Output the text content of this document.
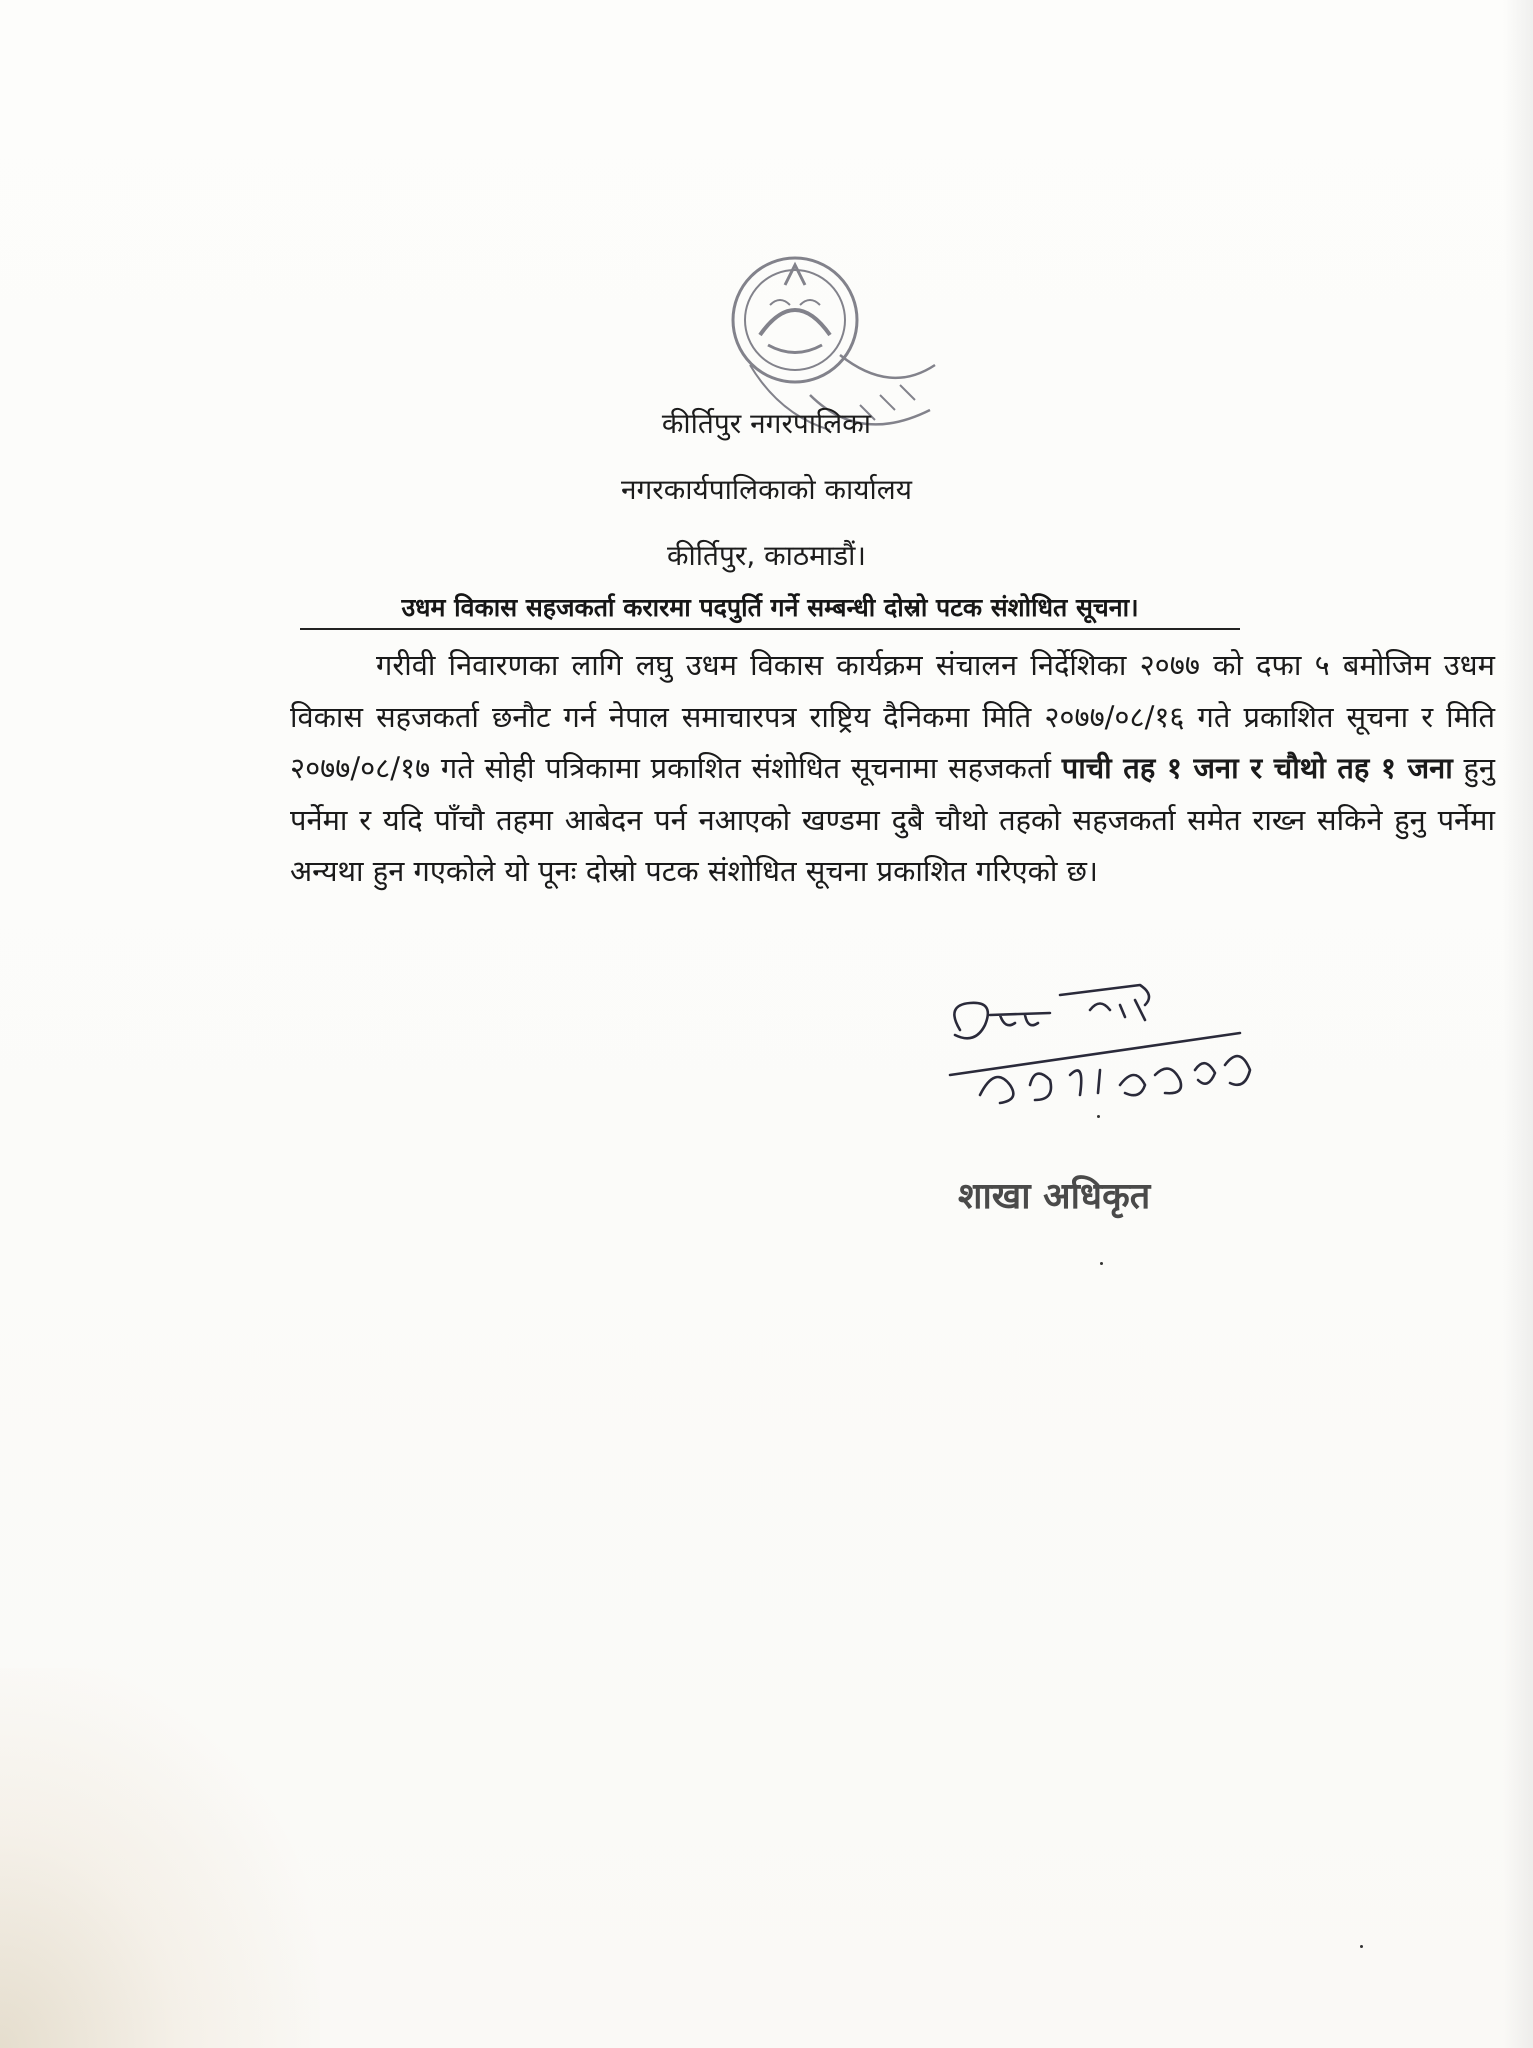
कीर्तिपुर नगरपालिका
नगरकार्यपालिकाको कार्यालय
कीर्तिपुर, काठमाडौं।
उधम विकास सहजकर्ता करारमा पदपुर्ति गर्ने सम्बन्धी दोस्रो पटक संशोधित सूचना।
गरीवी निवारणका लागि लघु उधम विकास कार्यक्रम संचालन निर्देशिका २०७७ को दफा ५ बमोजिम उधम विकास सहजकर्ता छनौट गर्न नेपाल समाचारपत्र राष्ट्रिय दैनिकमा मिति २०७७/०८/१६ गते प्रकाशित सूचना र मिति २०७७/०८/१७ गते सोही पत्रिकामा प्रकाशित संशोधित सूचनामा सहजकर्ता पाची तह १ जना र चौथो तह १ जना हुनु पर्नेमा र यदि पाँचौ तहमा आबेदन पर्न नआएको खण्डमा दुबै चौथो तहको सहजकर्ता समेत राख्न सकिने हुनु पर्नेमा अन्यथा हुन गएकोले यो पूनः दोस्रो पटक संशोधित सूचना प्रकाशित गरिएको छ।
शाखा अधिकृत
